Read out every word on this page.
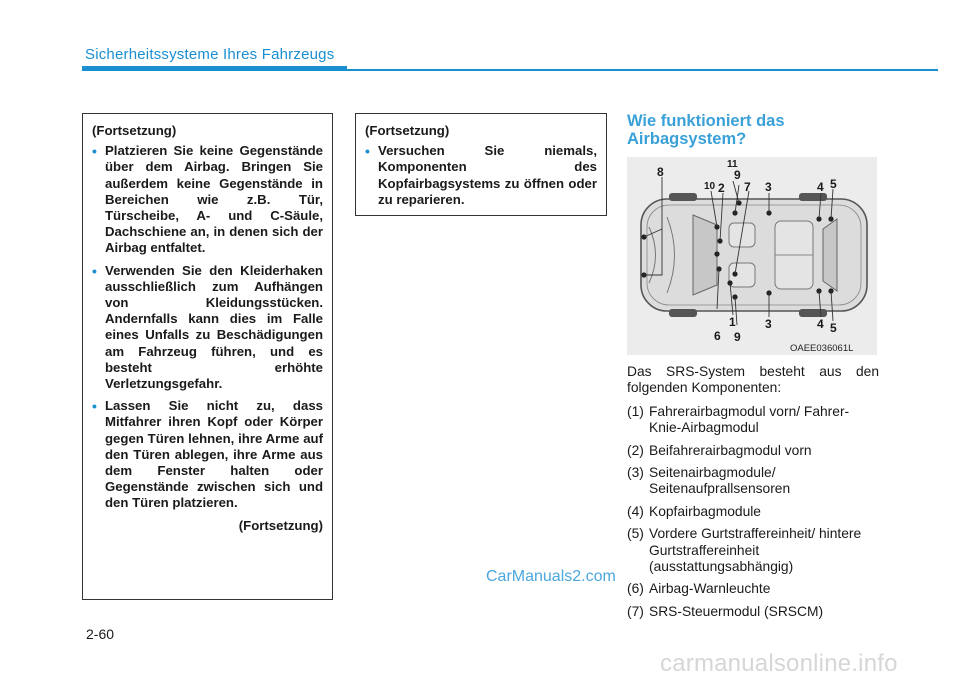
Sicherheitssysteme Ihres Fahrzeugs

(Fortsetzung)

• Platzieren Sie keine Gegenstände über dem Airbag. Bringen Sie außerdem keine Gegenstände in Bereichen wie z.B. Tür, Türscheibe, A- und C-Säule, Dachschiene an, in denen sich der Airbag entfaltet.
• Verwenden Sie den Kleiderhaken ausschließlich zum Aufhängen von Kleidungsstücken. Andernfalls kann dies im Falle eines Unfalls zu Beschädigungen am Fahrzeug führen, und es besteht erhöhte Verletzungsgefahr.
• Lassen Sie nicht zu, dass Mitfahrer ihren Kopf oder Körper gegen Türen lehnen, ihre Arme auf den Türen ablegen, ihre Arme aus dem Fenster halten oder Gegenstände zwischen sich und den Türen platzieren.

(Fortsetzung)

(Fortsetzung)

• Versuchen Sie niemals, Komponenten des Kopfairbagsystems zu öffnen oder zu reparieren.
Wie funktioniert das
Airbagsystem?
8
10 2
11
9
7 3	4 5
6
1
9
3	4 5
OAEE036061L

Das SRS-System besteht aus den folgenden Komponenten:

(1) Fahrerairbagmodul vorn/ Fahrer-Knie-Airbagmodul
(2) Beifahrerairbagmodul vorn
(3) Seitenairbagmodule/ Seitenaufprallsensoren
(4) Kopfairbagmodule
(5) Vordere Gurtstraffereinheit/ hintere Gurtstraffereinheit (ausstattungsabhängig)
(6) Airbag-Warnleuchte
(7) SRS-Steuermodul (SRSCM)
CarManuals2.com
2-60
carmanualsonline.info
